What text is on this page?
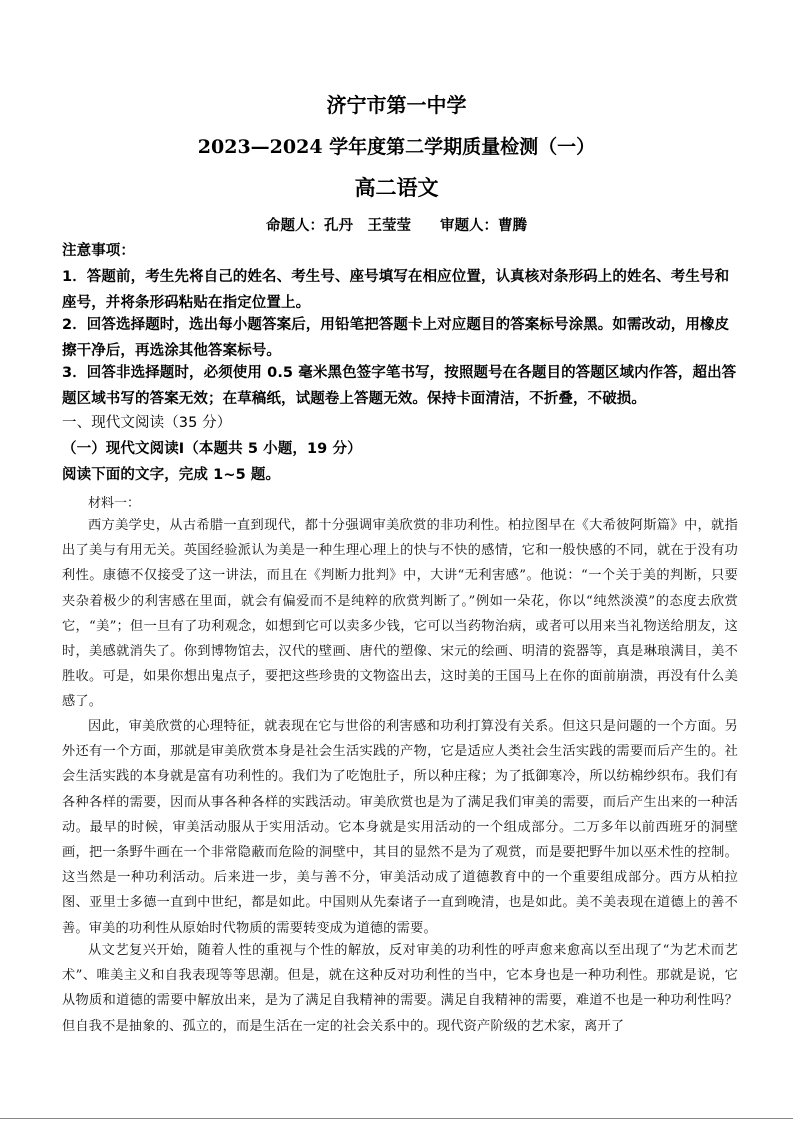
济宁市第一中学
2023—2024 学年度第二学期质量检测（一）
高二语文
命题人：孔丹　王莹莹　　审题人：曹腾
注意事项：
1．答题前，考生先将自己的姓名、考生号、座号填写在相应位置，认真核对条形码上的姓名、考生号和座号，并将条形码粘贴在指定位置上。
2．回答选择题时，选出每小题答案后，用铅笔把答题卡上对应题目的答案标号涂黑。如需改动，用橡皮擦干净后，再选涂其他答案标号。
3．回答非选择题时，必须使用 0.5 毫米黑色签字笔书写，按照题号在各题目的答题区域内作答，超出答题区域书写的答案无效；在草稿纸，试题卷上答题无效。保持卡面清洁，不折叠，不破损。
一、现代文阅读（35 分）
（一）现代文阅读Ⅰ（本题共 5 小题，19 分）
阅读下面的文字，完成 1~5 题。
材料一：
西方美学史，从古希腊一直到现代，都十分强调审美欣赏的非功利性。柏拉图早在《大希彼阿斯篇》中，就指出了美与有用无关。英国经验派认为美是一种生理心理上的快与不快的感情，它和一般快感的不同，就在于没有功利性。康德不仅接受了这一讲法，而且在《判断力批判》中，大讲“无利害感”。他说：“一个关于美的判断，只要夹杂着极少的利害感在里面，就会有偏爱而不是纯粹的欣赏判断了。”例如一朵花，你以“纯然淡漠”的态度去欣赏它，“美”；但一旦有了功利观念，如想到它可以卖多少钱，它可以当药物治病，或者可以用来当礼物送给朋友，这时，美感就消失了。你到博物馆去，汉代的壁画、唐代的塑像、宋元的绘画、明清的瓷器等，真是琳琅满目，美不胜收。可是，如果你想出鬼点子，要把这些珍贵的文物盗出去，这时美的王国马上在你的面前崩溃，再没有什么美感了。
因此，审美欣赏的心理特征，就表现在它与世俗的利害感和功利打算没有关系。但这只是问题的一个方面。另外还有一个方面，那就是审美欣赏本身是社会生活实践的产物，它是适应人类社会生活实践的需要而后产生的。社会生活实践的本身就是富有功利性的。我们为了吃饱肚子，所以种庄稼；为了抵御寒冷，所以纺棉纱织布。我们有各种各样的需要，因而从事各种各样的实践活动。审美欣赏也是为了满足我们审美的需要，而后产生出来的一种活动。最早的时候，审美活动服从于实用活动。它本身就是实用活动的一个组成部分。二万多年以前西班牙的洞壁画，把一条野牛画在一个非常隐蔽而危险的洞壁中，其目的显然不是为了观赏，而是要把野牛加以巫术性的控制。这当然是一种功利活动。后来进一步，美与善不分，审美活动成了道德教育中的一个重要组成部分。西方从柏拉图、亚里士多德一直到中世纪，都是如此。中国则从先秦诸子一直到晚清，也是如此。美不美表现在道德上的善不善。审美的功利性从原始时代物质的需要转变成为道德的需要。
从文艺复兴开始，随着人性的重视与个性的解放，反对审美的功利性的呼声愈来愈高以至出现了“为艺术而艺术”、唯美主义和自我表现等等思潮。但是，就在这种反对功利性的当中，它本身也是一种功利性。那就是说，它从物质和道德的需要中解放出来，是为了满足自我精神的需要。满足自我精神的需要，难道不也是一种功利性吗？但自我不是抽象的、孤立的，而是生活在一定的社会关系中的。现代资产阶级的艺术家，离开了
